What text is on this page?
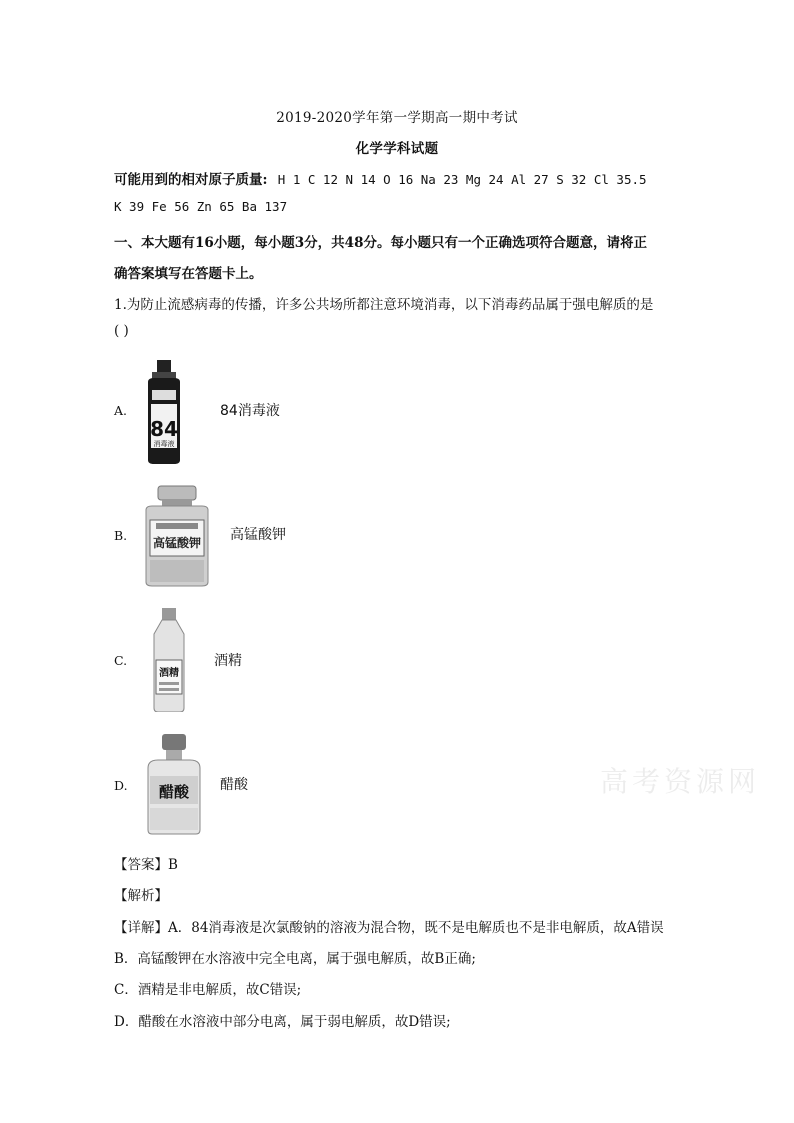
2019-2020学年第一学期高一期中考试
化学学科试题
可能用到的相对原子质量: H 1 C 12 N 14 O 16 Na 23 Mg 24 Al 27 S 32 Cl 35.5
K 39 Fe 56 Zn 65 Ba 137
一、本大题有16小题，每小题3分，共48分。每小题只有一个正确选项符合题意，请将正
确答案填写在答题卡上。
1.为防止流感病毒的传播，许多公共场所都注意环境消毒，以下消毒药品属于强电解质的是
( )
A.
84
消毒液
84消毒液
B. 高锰酸钾 高锰酸钾
酒精
C.	酒精
D. 醋酸 醋酸	高考资源网
【答案】B
【解析】
【详解】A．84消毒液是次氯酸钠的溶液为混合物，既不是电解质也不是非电解质，故A错误
B．高锰酸钾在水溶液中完全电离，属于强电解质，故B正确;
C．酒精是非电解质，故C错误;
D．醋酸在水溶液中部分电离，属于弱电解质，故D错误;
